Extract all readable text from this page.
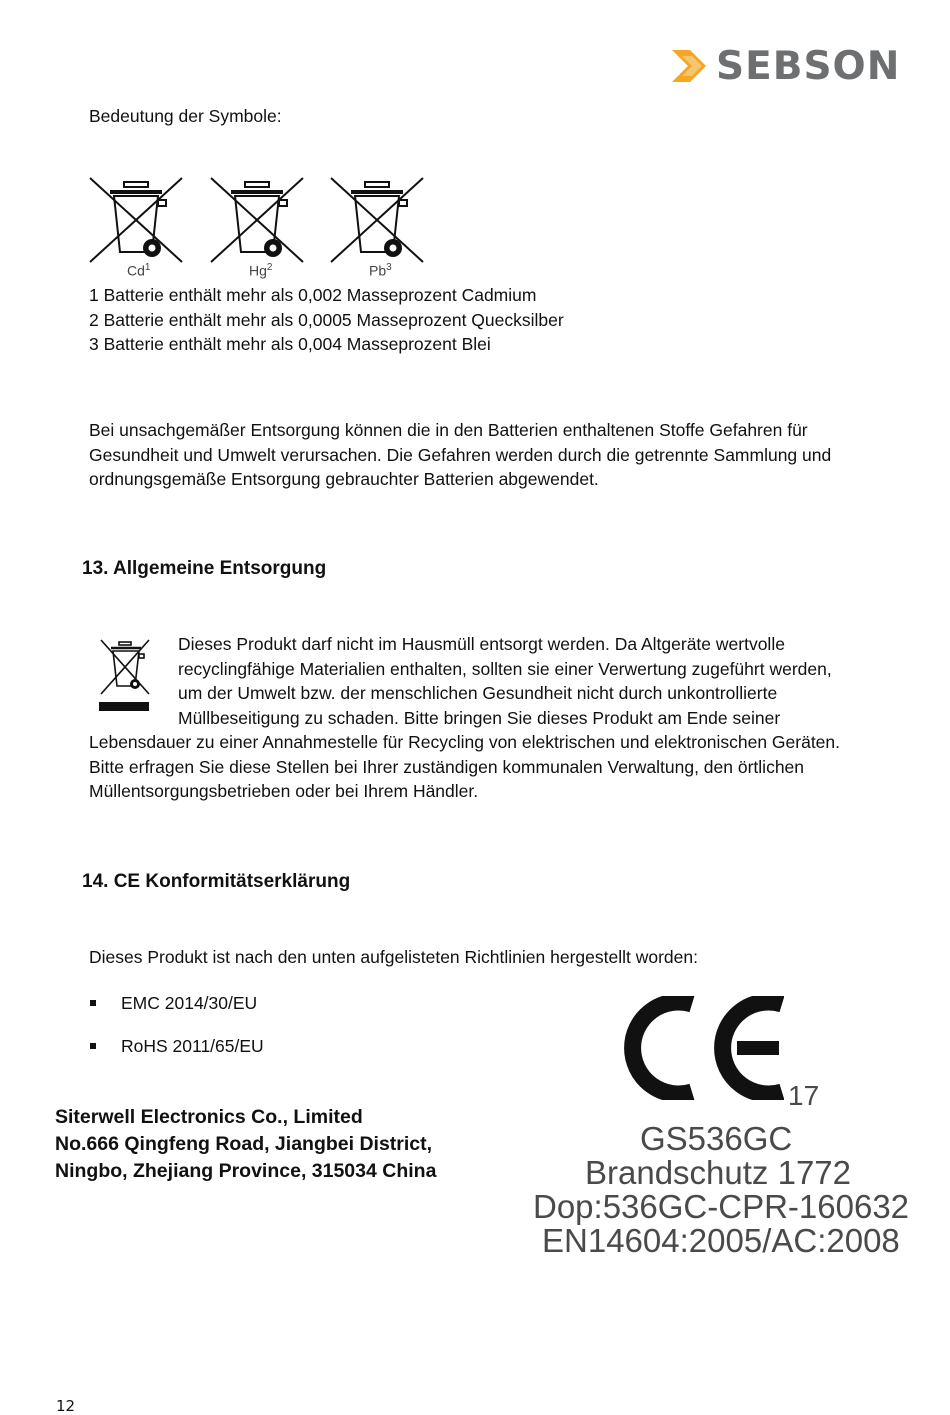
SEBSON
Bedeutung der Symbole:
Cd$^1$	Hg$^2$	Pb$^3$
1 Batterie enthält mehr als 0,002 Masseprozent Cadmium
2 Batterie enthält mehr als 0,0005 Masseprozent Quecksilber
3 Batterie enthält mehr als 0,004 Masseprozent Blei
Bei unsachgemäßer Entsorgung können die in den Batterien enthaltenen Stoffe Gefahren für
Gesundheit und Umwelt verursachen. Die Gefahren werden durch die getrennte Sammlung und
ordnungsgemäße Entsorgung gebrauchter Batterien abgewendet.
13. Allgemeine Entsorgung
Dieses Produkt darf nicht im Hausmüll entsorgt werden. Da Altgeräte wertvolle
recyclingfähige Materialien enthalten, sollten sie einer Verwertung zugeführt werden,
um der Umwelt bzw. der menschlichen Gesundheit nicht durch unkontrollierte
Müllbeseitigung zu schaden. Bitte bringen Sie dieses Produkt am Ende seiner
Lebensdauer zu einer Annahmestelle für Recycling von elektrischen und elektronischen Geräten.
Bitte erfragen Sie diese Stellen bei Ihrer zuständigen kommunalen Verwaltung, den örtlichen
Müllentsorgungsbetrieben oder bei Ihrem Händler.
14. CE Konformitätserklärung
Dieses Produkt ist nach den unten aufgelisteten Richtlinien hergestellt worden:
EMC 2014/30/EU
RoHS 2011/65/EU
Siterwell Electronics Co., Limited
No.666 Qingfeng Road, Jiangbei District,
Ningbo, Zhejiang Province, 315034 China
17
GS536GC
Brandschutz 1772
Dop:536GC-CPR-160632
EN14604:2005/AC:2008
12
